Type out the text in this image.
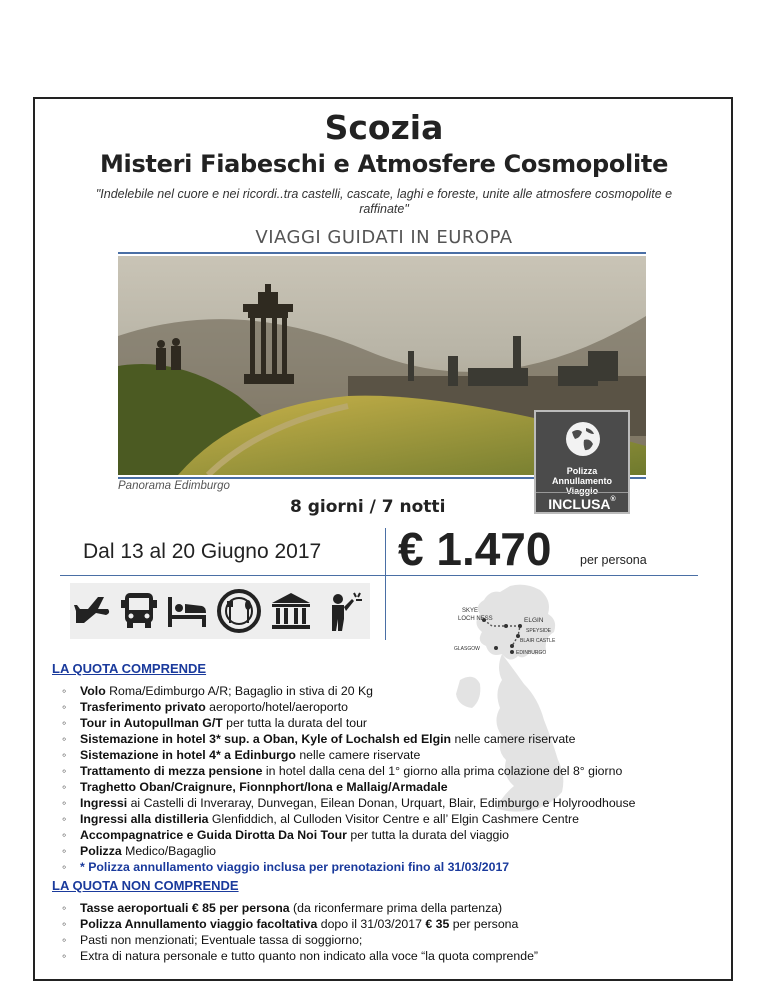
Scozia
Misteri Fiabeschi e Atmosfere Cosmopolite
"Indelebile nel cuore e nei ricordi..tra castelli, cascate, laghi e foreste, unite alle atmosfere cosmopolite e raffinate"
VIAGGI GUIDATI IN EUROPA
Panorama Edimburgo
Polizza
Annullamento
Viaggio
INCLUSA®
8 giorni / 7 notti
Dal 13 al 20 Giugno 2017 € 1.470 per persona
SKYE
LOCH NESS	ELGIN
SPEYSIDE
BLAIR CASTLE
GLASGOW
EDINBURGO
LA QUOTA COMPRENDE
◦ Volo Roma/Edimburgo A/R; Bagaglio in stiva di 20 Kg
◦ Trasferimento privato aeroporto/hotel/aeroporto
◦ Tour in Autopullman G/T per tutta la durata del tour
◦ Sistemazione in hotel 3* sup. a Oban, Kyle of Lochalsh ed Elgin nelle camere riservate
◦ Sistemazione in hotel 4* a Edinburgo nelle camere riservate
◦ Trattamento di mezza pensione in hotel dalla cena del 1° giorno alla prima colazione del 8° giorno
◦ Traghetto Oban/Craignure, Fionnphort/Iona e Mallaig/Armadale
◦ Ingressi ai Castelli di Inveraray, Dunvegan, Eilean Donan, Urquart, Blair, Edimburgo e Holyroodhouse
◦ Ingressi alla distilleria Glenfiddich, al Culloden Visitor Centre e all’ Elgin Cashmere Centre
◦ Accompagnatrice e Guida Dirotta Da Noi Tour per tutta la durata del viaggio
◦ Polizza Medico/Bagaglio
◦ * Polizza annullamento viaggio inclusa per prenotazioni fino al 31/03/2017
LA QUOTA NON COMPRENDE
◦ Tasse aeroportuali € 85 per persona (da riconfermare prima della partenza)
◦ Polizza Annullamento viaggio facoltativa dopo il 31/03/2017 € 35 per persona
◦ Pasti non menzionati; Eventuale tassa di soggiorno;
◦ Extra di natura personale e tutto quanto non indicato alla voce “la quota comprende”
